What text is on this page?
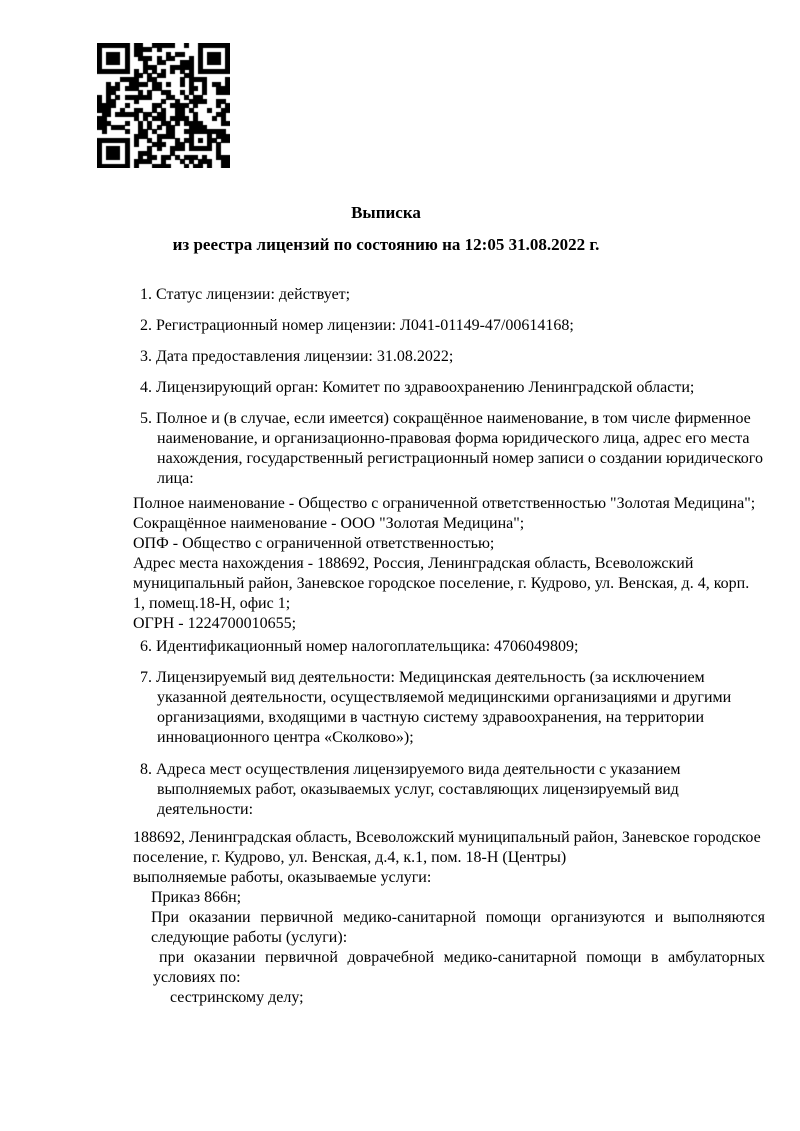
Выписка
из реестра лицензий по состоянию на 12:05 31.08.2022 г.
1. Статус лицензии: действует;
2. Регистрационный номер лицензии: Л041-01149-47/00614168;
3. Дата предоставления лицензии: 31.08.2022;
4. Лицензирующий орган: Комитет по здравоохранению Ленинградской области;
5. Полное и (в случае, если имеется) сокращённое наименование, в том числе фирменное наименование, и организационно-правовая форма юридического лица, адрес его места нахождения, государственный регистрационный номер записи о создании юридического лица:
Полное наименование - Общество с ограниченной ответственностью "Золотая Медицина";
Сокращённое наименование - ООО "Золотая Медицина";
ОПФ - Общество с ограниченной ответственностью;
Адрес места нахождения - 188692, Россия, Ленинградская область, Всеволожский муниципальный район, Заневское городское поселение, г. Кудрово, ул. Венская, д. 4, корп. 1, помещ.18-Н, офис 1;
ОГРН - 1224700010655;
6. Идентификационный номер налогоплательщика: 4706049809;
7. Лицензируемый вид деятельности: Медицинская деятельность (за исключением указанной деятельности, осуществляемой медицинскими организациями и другими организациями, входящими в частную систему здравоохранения, на территории инновационного центра «Сколково»);
8. Адреса мест осуществления лицензируемого вида деятельности с указанием выполняемых работ, оказываемых услуг, составляющих лицензируемый вид деятельности:
188692, Ленинградская область, Всеволожский муниципальный район, Заневское городское поселение, г. Кудрово, ул. Венская, д.4, к.1, пом. 18-Н (Центры)
выполняемые работы, оказываемые услуги:
Приказ 866н;
При оказании первичной медико-санитарной помощи организуются и выполняются следующие работы (услуги):
при оказании первичной доврачебной медико-санитарной помощи в амбулаторных условиях по:
сестринскому делу;
